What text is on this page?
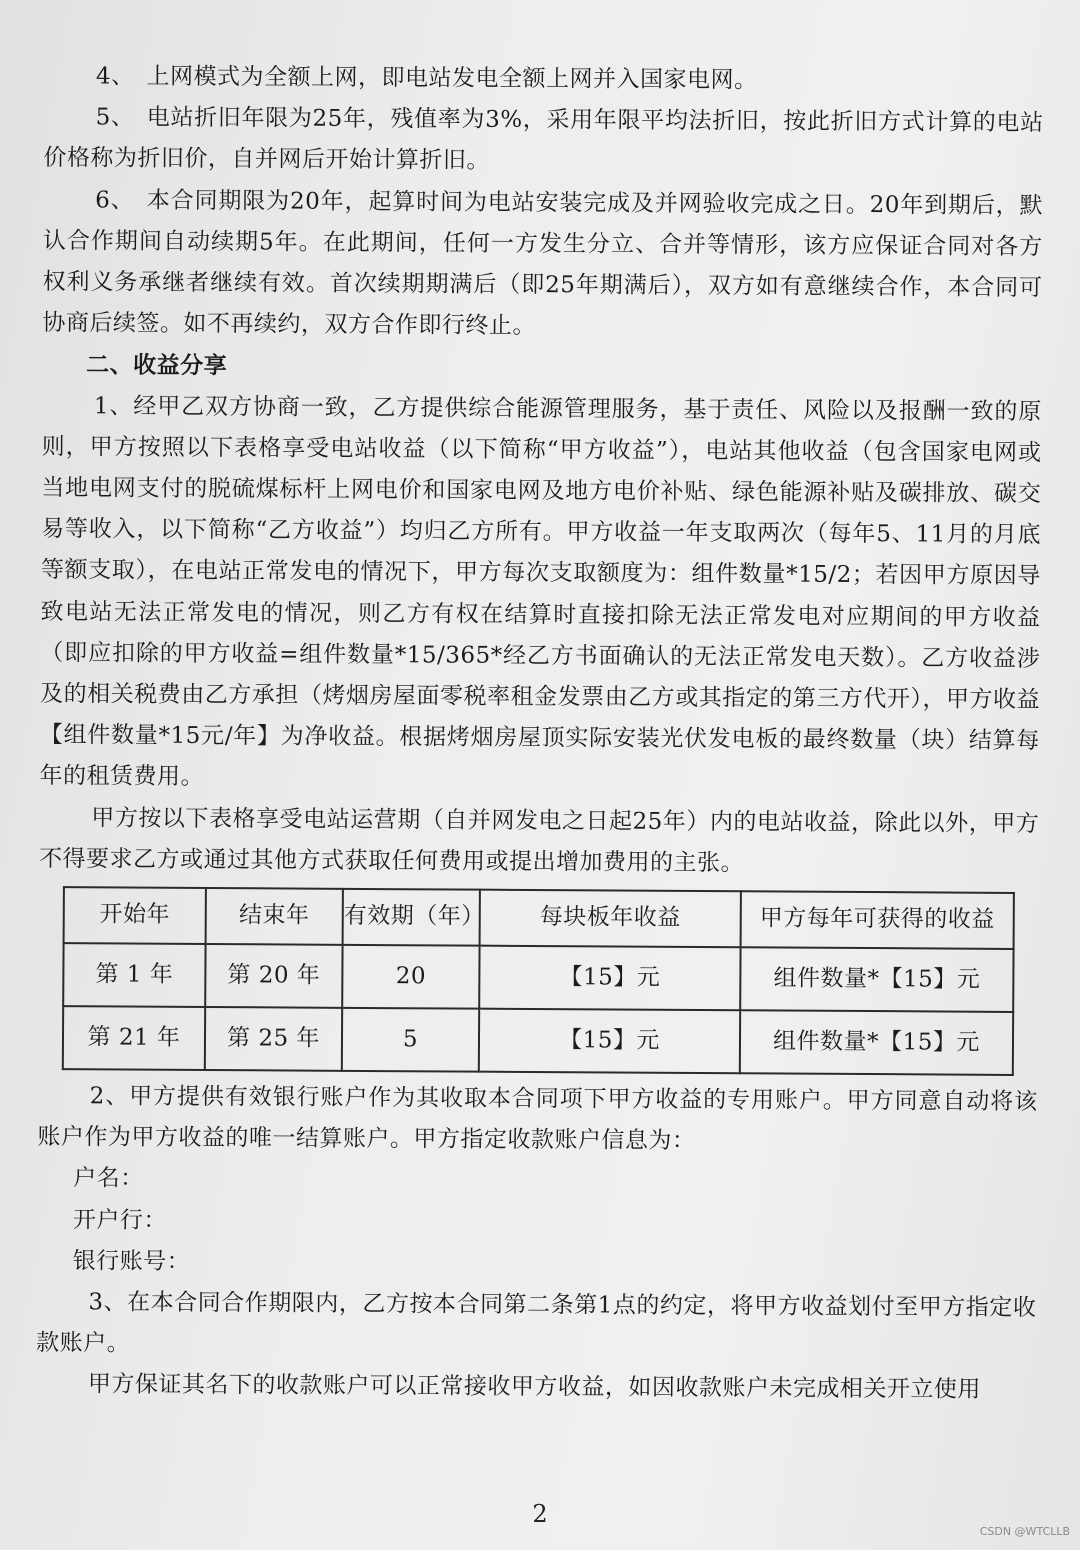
4、　上网模式为全额上网，即电站发电全额上网并入国家电网。

5、　电站折旧年限为25年，残值率为3%，采用年限平均法折旧，按此折旧方式计算的电站价格称为折旧价，自并网后开始计算折旧。

6、　本合同期限为20年，起算时间为电站安装完成及并网验收完成之日。20年到期后，默认合作期间自动续期5年。在此期间，任何一方发生分立、合并等情形，该方应保证合同对各方权利义务承继者继续有效。首次续期期满后（即25年期满后），双方如有意继续合作，本合同可协商后续签。如不再续约，双方合作即行终止。

二、收益分享

1、经甲乙双方协商一致，乙方提供综合能源管理服务，基于责任、风险以及报酬一致的原则，甲方按照以下表格享受电站收益（以下简称“甲方收益”），电站其他收益（包含国家电网或当地电网支付的脱硫煤标杆上网电价和国家电网及地方电价补贴、绿色能源补贴及碳排放、碳交易等收入，以下简称“乙方收益”）均归乙方所有。甲方收益一年支取两次（每年5、11月的月底等额支取），在电站正常发电的情况下，甲方每次支取额度为：组件数量*15/2；若因甲方原因导致电站无法正常发电的情况，则乙方有权在结算时直接扣除无法正常发电对应期间的甲方收益（即应扣除的甲方收益=组件数量*15/365*经乙方书面确认的无法正常发电天数）。乙方收益涉及的相关税费由乙方承担（烤烟房屋面零税率租金发票由乙方或其指定的第三方代开），甲方收益【组件数量*15元/年】为净收益。根据烤烟房屋顶实际安装光伏发电板的最终数量（块）结算每年的租赁费用。

甲方按以下表格享受电站运营期（自并网发电之日起25年）内的电站收益，除此以外，甲方不得要求乙方或通过其他方式获取任何费用或提出增加费用的主张。

开始年	结束年	有效期（年）	每块板年收益	甲方每年可获得的收益
第 1 年	第 20 年	20	【15】元	组件数量*【15】元
第 21 年	第 25 年	5	【15】元	组件数量*【15】元

2、甲方提供有效银行账户作为其收取本合同项下甲方收益的专用账户。甲方同意自动将该账户作为甲方收益的唯一结算账户。甲方指定收款账户信息为：

户名：

开户行：

银行账号：

3、在本合同合作期限内，乙方按本合同第二条第1点的约定，将甲方收益划付至甲方指定收款账户。

甲方保证其名下的收款账户可以正常接收甲方收益，如因收款账户未完成相关开立使用

2
CSDN @WTCLLB
